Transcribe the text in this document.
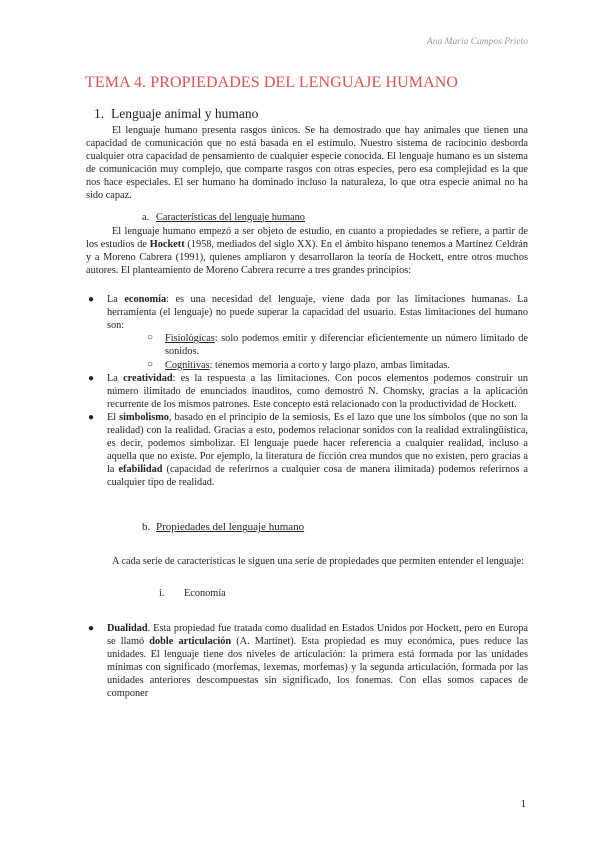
Ana Maria Campos Prieto
TEMA 4. PROPIEDADES DEL LENGUAJE HUMANO
1. Lenguaje animal y humano

El lenguaje humano presenta rasgos únicos. Se ha demostrado que hay animales que tienen una capacidad de comunicación que no está basada en el estímulo. Nuestro sistema de raciocinio desborda cualquier otra capacidad de pensamiento de cualquier especie conocida. El lenguaje humano es un sistema de comunicación muy complejo, que comparte rasgos con otras especies, pero esa complejidad es la que nos hace especiales. El ser humano ha dominado incluso la naturaleza, lo que otra especie animal no ha sido capaz.

a. Características del lenguaje humano

El lenguaje humano empezó a ser objeto de estudio, en cuanto a propiedades se refiere, a partir de los estudios de Hockett (1958, mediados del siglo XX). En el ámbito hispano tenemos a Martínez Celdrán y a Moreno Cabrera (1991), quienes ampliaron y desarrollaron la teoría de Hockett, entre otros muchos autores. El planteamiento de Moreno Cabrera recurre a tres grandes principios:

● La economía: es una necesidad del lenguaje, viene dada por las limitaciones humanas. La herramienta (el lenguaje) no puede superar la capacidad del usuario. Estas limitaciones del humano son:
○ Fisiológicas: solo podemos emitir y diferenciar eficientemente un número limitado de sonidos.
○ Cognitivas: tenemos memoria a corto y largo plazo, ambas limitadas.
● La creatividad: es la respuesta a las limitaciones. Con pocos elementos podemos construir un número ilimitado de enunciados inauditos, como demostró N. Chomsky, gracias a la aplicación recurrente de los mismos patrones. Este concepto está relacionado con la productividad de Hockett.
● El simbolismo, basado en el principio de la semiosis. Es el lazo que une los símbolos (que no son la realidad) con la realidad. Gracias a esto, podemos relacionar sonidos con la realidad extralingüística, es decir, podemos simbolizar. El lenguaje puede hacer referencia a cualquier realidad, incluso a aquella que no existe. Por ejemplo, la literatura de ficción crea mundos que no existen, pero gracias a la efabilidad (capacidad de referirnos a cualquier cosa de manera ilimitada) podemos referirnos a cualquier tipo de realidad.
b. Propiedades del lenguaje humano

A cada serie de características le siguen una serie de propiedades que permiten entender el lenguaje:

i. Economía
● Dualidad. Esta propiedad fue tratada como dualidad en Estados Unidos por Hockett, pero en Europa se llamó doble articulación (A. Martinet). Esta propiedad es muy económica, pues reduce las unidades. El lenguaje tiene dos niveles de articulación: la primera está formada por las unidades mínimas con significado (morfemas, lexemas, morfemas) y la segunda articulación, formada por las unidades anteriores descompuestas sin significado, los fonemas. Con ellas somos capaces de componer
1
